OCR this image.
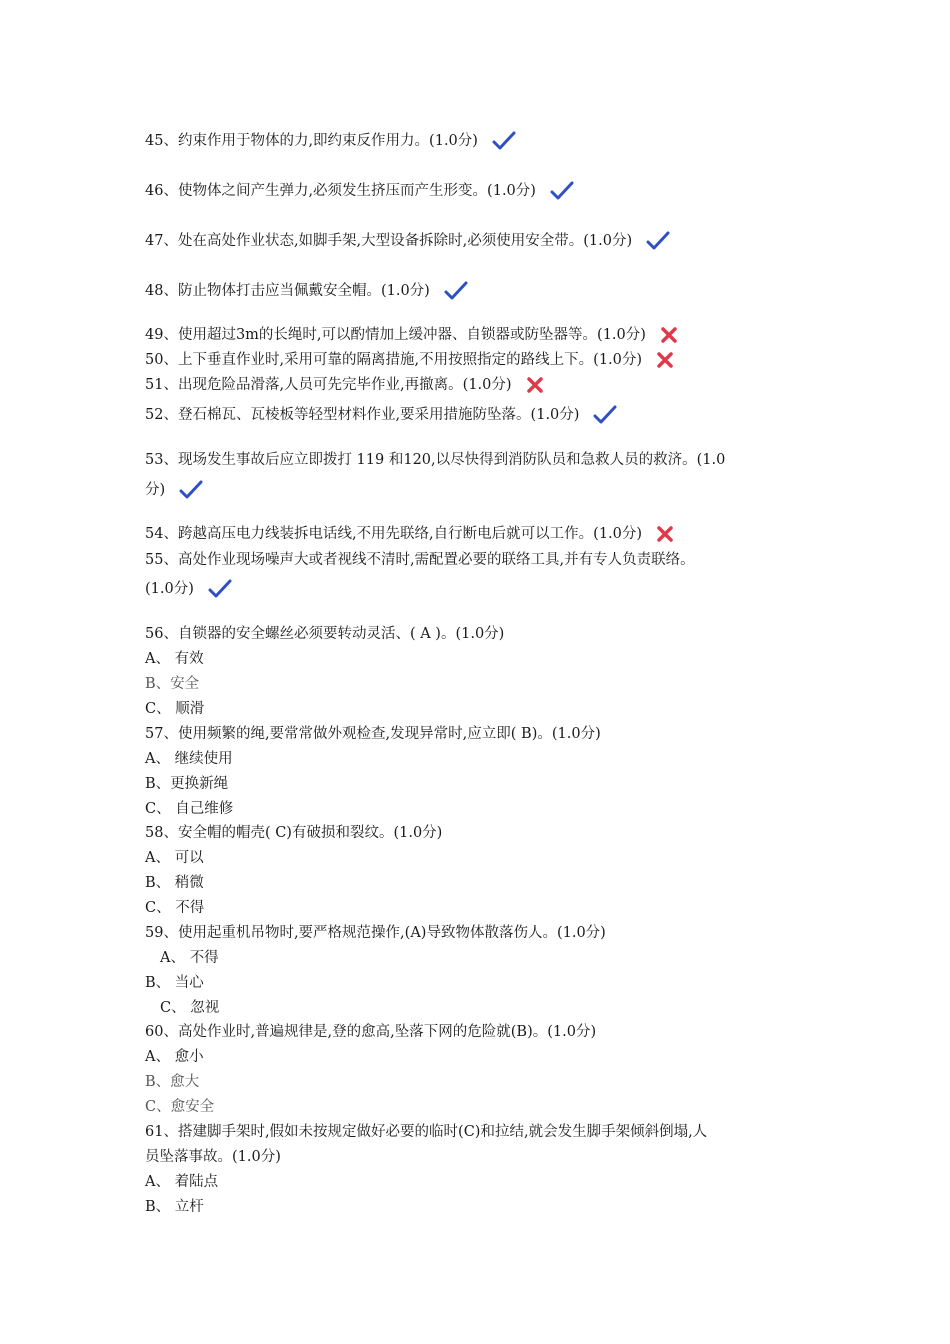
45、约束作用于物体的力,即约束反作用力。(1.0分)
46、使物体之间产生弹力,必须发生挤压而产生形变。(1.0分)
47、处在高处作业状态,如脚手架,大型设备拆除时,必须使用安全带。(1.0分)
48、防止物体打击应当佩戴安全帽。(1.0分)
49、使用超过3m的长绳时,可以酌情加上缓冲器、自锁器或防坠器等。(1.0分)
50、上下垂直作业时,采用可靠的隔离措施,不用按照指定的路线上下。(1.0分)
51、出现危险品滑落,人员可先完毕作业,再撤离。(1.0分)
52、登石棉瓦、瓦棱板等轻型材料作业,要采用措施防坠落。(1.0分)
53、现场发生事故后应立即拨打 119 和120,以尽快得到消防队员和急救人员的救济。(1.0
分)
54、跨越高压电力线装拆电话线,不用先联络,自行断电后就可以工作。(1.0分)
55、高处作业现场噪声大或者视线不清时,需配置必要的联络工具,并有专人负责联络。
(1.0分)
56、自锁器的安全螺丝必须要转动灵活、( A )。(1.0分)
A、 有效
B、安全
C、 顺滑
57、使用频繁的绳,要常常做外观检查,发现异常时,应立即( B)。(1.0分)
A、 继续使用
B、更换新绳
C、 自己维修
58、安全帽的帽壳( C)有破损和裂纹。(1.0分)
A、 可以
B、 稍微
C、 不得
59、使用起重机吊物时,要严格规范操作,(A)导致物体散落伤人。(1.0分)
A、 不得
B、 当心
C、 忽视
60、高处作业时,普遍规律是,登的愈高,坠落下网的危险就(B)。(1.0分)
A、 愈小
B、愈大
C、愈安全
61、搭建脚手架时,假如未按规定做好必要的临时(C)和拉结,就会发生脚手架倾斜倒塌,人
员坠落事故。(1.0分)
A、 着陆点
B、 立杆
